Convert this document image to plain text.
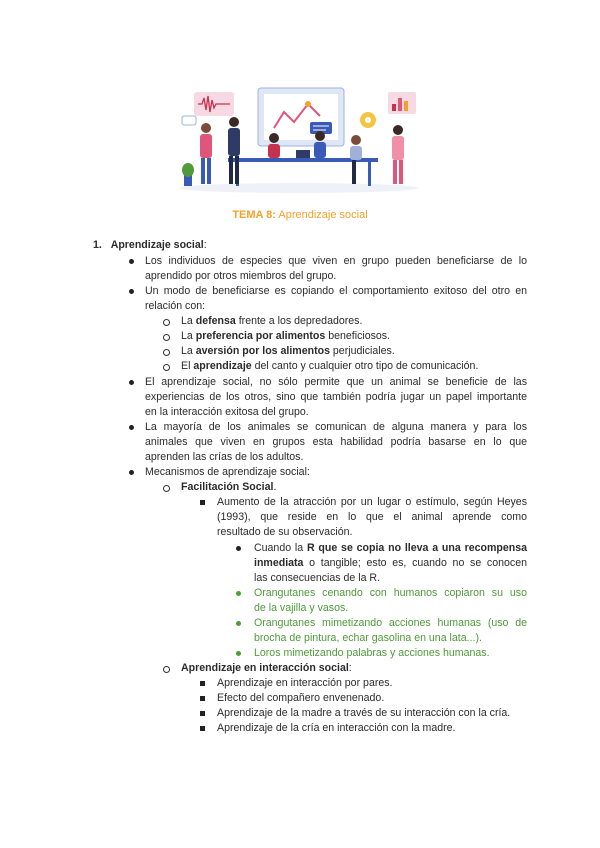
TEMA 8: Aprendizaje social
1. Aprendizaje social:
Los individuos de especies que viven en grupo pueden beneficiarse de lo
aprendido por otros miembros del grupo.
Un modo de beneficiarse es copiando el comportamiento exitoso del otro en
relación con:
La defensa frente a los depredadores.
La preferencia por alimentos beneficiosos.
La aversión por los alimentos perjudiciales.
El aprendizaje del canto y cualquier otro tipo de comunicación.
El aprendizaje social, no sólo permite que un animal se beneficie de las
experiencias de los otros, sino que también podría jugar un papel importante
en la interacción exitosa del grupo.
La mayoría de los animales se comunican de alguna manera y para los
animales que viven en grupos esta habilidad podría basarse en lo que
aprenden las crías de los adultos.
Mecanismos de aprendizaje social:
Facilitación Social.
Aumento de la atracción por un lugar o estímulo, según Heyes
(1993), que reside en lo que el animal aprende como
resultado de su observación.
Cuando la R que se copia no lleva a una recompensa
inmediata o tangible; esto es, cuando no se conocen
las consecuencias de la R.
Orangutanes cenando con humanos copiaron su uso
de la vajilla y vasos.
Orangutanes mimetizando acciones humanas (uso de
brocha de pintura, echar gasolina en una lata...).
Loros mimetizando palabras y acciones humanas.
Aprendizaje en interacción social:
Aprendizaje en interacción por pares.
Efecto del compañero envenenado.
Aprendizaje de la madre a través de su interacción con la cría.
Aprendizaje de la cría en interacción con la madre.
